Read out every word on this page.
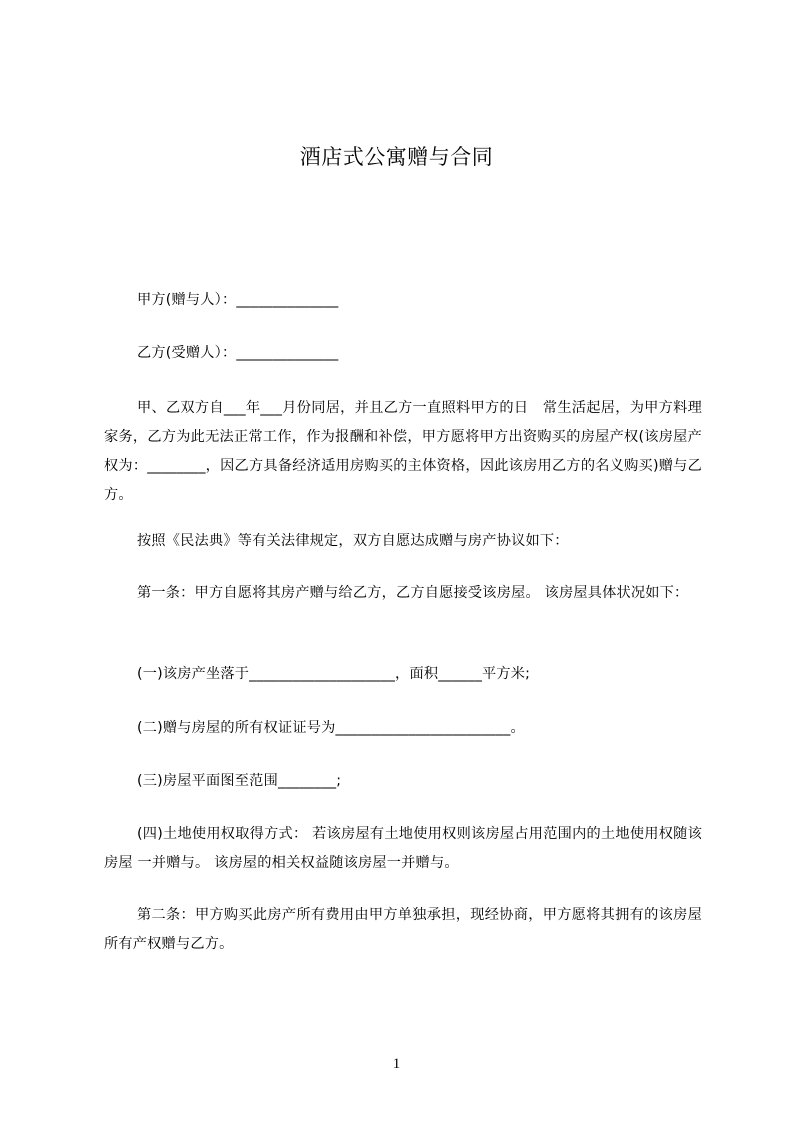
酒店式公寓赠与合同

甲方(赠与人）：______________

乙方(受赠人）：______________

甲、乙双方自___年___月份同居，并且乙方一直照料甲方的日　常生活起居，为甲方料理家务，乙方为此无法正常工作，作为报酬和补偿，甲方愿将甲方出资购买的房屋产权(该房屋产权为：________，因乙方具备经济适用房购买的主体资格，因此该房用乙方的名义购买)赠与乙　方。

按照《民法典》等有关法律规定，双方自愿达成赠与房产协议如下：

第一条：甲方自愿将其房产赠与给乙方，乙方自愿接受该房屋。 该房屋具体状况如下：

(一)该房产坐落于____________________，面积______平方米;

(二)赠与房屋的所有权证证号为________________________。

(三)房屋平面图至范围________;

(四)土地使用权取得方式： 若该房屋有土地使用权则该房屋占用范围内的土地使用权随该房屋 一并赠与。 该房屋的相关权益随该房屋一并赠与。

第二条：甲方购买此房产所有费用由甲方单独承担，现经协商，甲方愿将其拥有的该房屋所有产权赠与乙方。

1
